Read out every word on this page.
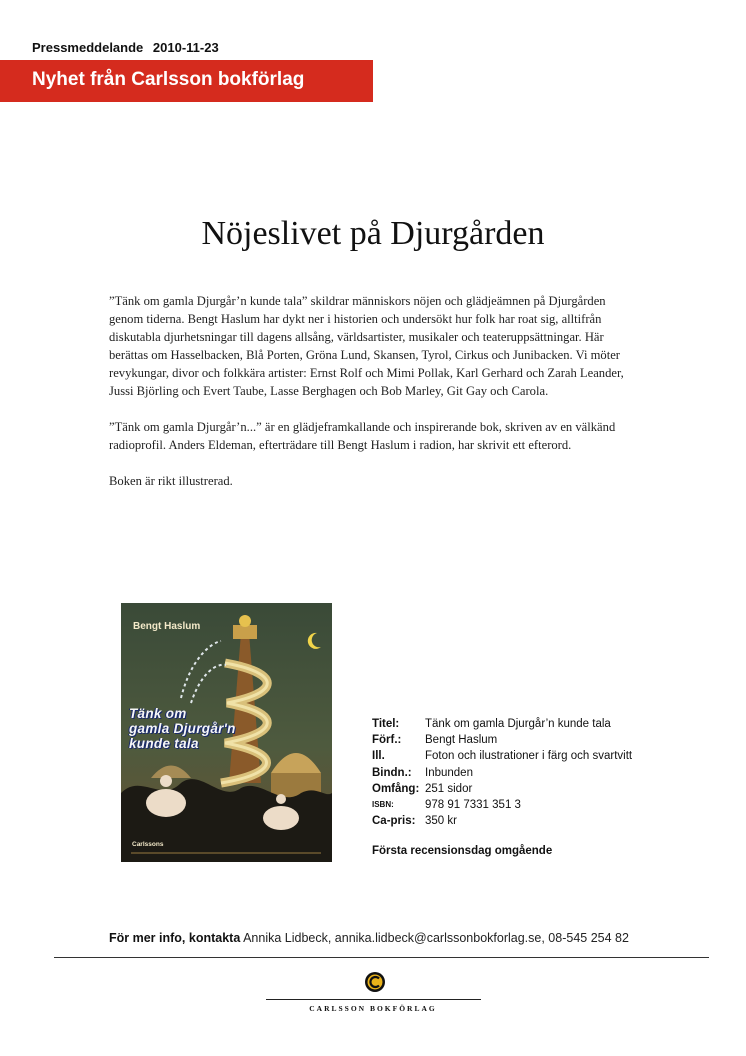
Pressmeddelande 2010-11-23
Nyhet från Carlsson bokförlag
Nöjeslivet på Djurgården

”Tänk om gamla Djurgår’n kunde tala” skildrar människors nöjen och glädjeämnen på Djurgården genom tiderna. Bengt Haslum har dykt ner i historien och undersökt hur folk har roat sig, alltifrån diskutabla djurhetsningar till dagens allsång, världsartister, musikaler och teateruppsättningar. Här berättas om Hasselbacken, Blå Porten, Gröna Lund, Skansen, Tyrol, Cirkus och Junibacken. Vi möter revykungar, divor och folkkära artister: Ernst Rolf och Mimi Pollak, Karl Gerhard och Zarah Leander, Jussi Björling och Evert Taube, Lasse Berghagen och Bob Marley, Git Gay och Carola.

”Tänk om gamla Djurgår’n...” är en glädjeframkallande och inspirerande bok, skriven av en välkänd radioprofil. Anders Eldeman, efterträdare till Bengt Haslum i radion, har skrivit ett efterord.

Boken är rikt illustrerad.

Bengt Haslum
Tänk om
gamla Djurgår'n
kunde tala
Carlssons
Titel:	Tänk om gamla Djurgår’n kunde tala
Förf.:	Bengt Haslum
Ill.	Foton och ilustrationer i färg och svartvitt
Bindn.:	Inbunden
Omfång: 251 sidor
ISBN:	978 91 7331 351 3
Ca-pris: 350 kr
Första recensionsdag omgående
För mer info, kontakta Annika Lidbeck, annika.lidbeck@carlssonbokforlag.se, 08-545 254 82
CARLSSON BOKFÖRLAG
